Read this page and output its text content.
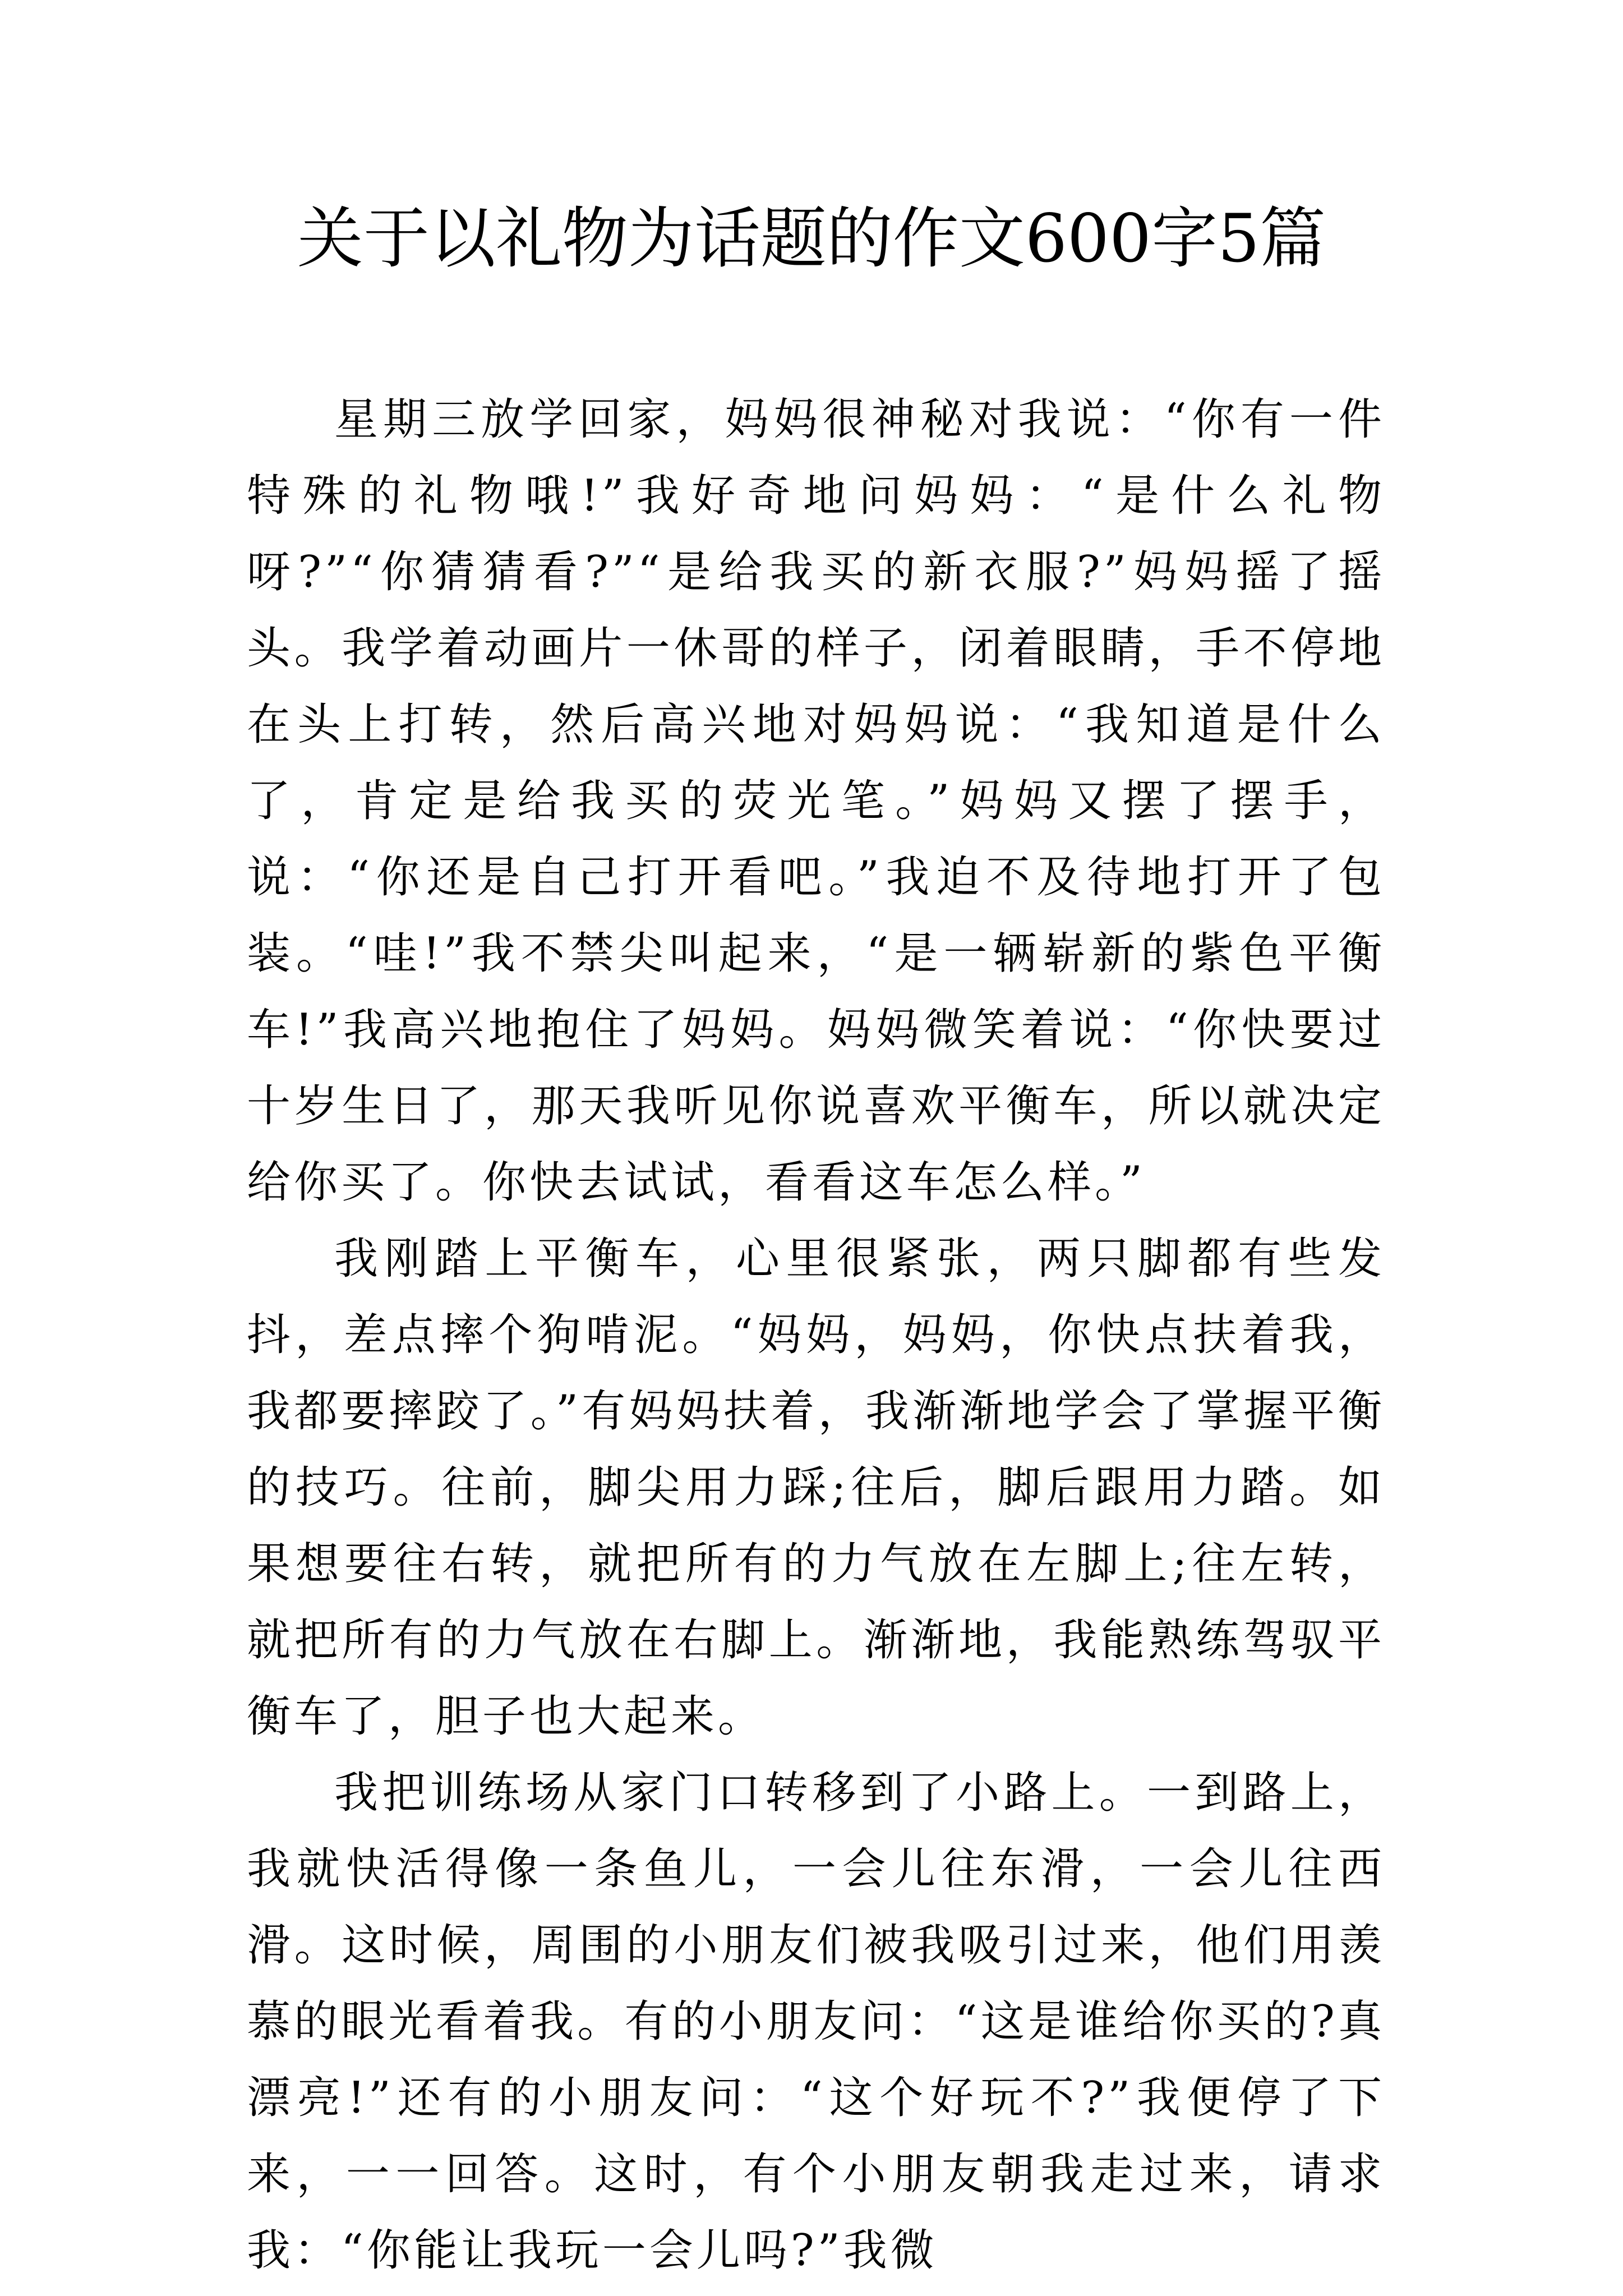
关于以礼物为话题的作文600字5篇

星期三放学回家，妈妈很神秘对我说：“你有一件特殊的礼物哦!”我好奇地问妈妈：“是什么礼物呀?”“你猜猜看?”“是给我买的新衣服?”妈妈摇了摇头。我学着动画片一休哥的样子，闭着眼睛，手不停地在头上打转，然后高兴地对妈妈说：“我知道是什么了，肯定是给我买的荧光笔。”妈妈又摆了摆手，说：“你还是自己打开看吧。”我迫不及待地打开了包装。“哇!”我不禁尖叫起来，“是一辆崭新的紫色平衡车!”我高兴地抱住了妈妈。妈妈微笑着说：“你快要过十岁生日了，那天我听见你说喜欢平衡车，所以就决定给你买了。你快去试试，看看这车怎么样。”

我刚踏上平衡车，心里很紧张，两只脚都有些发抖，差点摔个狗啃泥。“妈妈，妈妈，你快点扶着我，我都要摔跤了。”有妈妈扶着，我渐渐地学会了掌握平衡的技巧。往前，脚尖用力踩;往后，脚后跟用力踏。如果想要往右转，就把所有的力气放在左脚上;往左转，就把所有的力气放在右脚上。渐渐地，我能熟练驾驭平衡车了，胆子也大起来。

我把训练场从家门口转移到了小路上。一到路上，我就快活得像一条鱼儿，一会儿往东滑，一会儿往西滑。这时候，周围的小朋友们被我吸引过来，他们用羡慕的眼光看着我。有的小朋友问：“这是谁给你买的?真漂亮!”还有的小朋友问：“这个好玩不?”我便停了下来，一一回答。这时，有个小朋友朝我走过来，请求我：“你能让我玩一会儿吗?”我微
